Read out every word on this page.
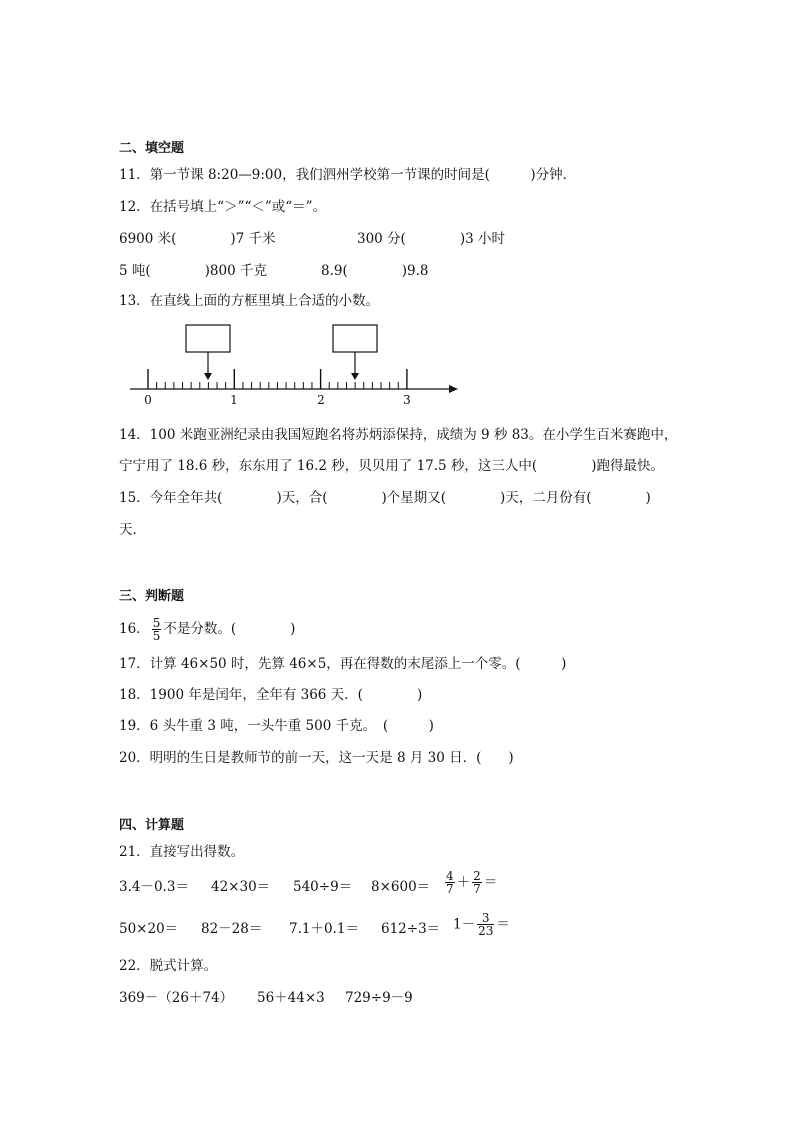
二、填空题
11．第一节课 8:20—9:00，我们泗州学校第一节课的时间是(　　　)分钟．
12．在括号填上“＞”“＜”或“＝”。
6900 米(　　　　)7 千米	300 分(　　　　)3 小时
5 吨(　　　　)800 千克	8.9(　　　　)9.8
13．在直线上面的方框里填上合适的小数。
0	1	2	3
14．100 米跑亚洲纪录由我国短跑名将苏炳添保持，成绩为 9 秒 83。在小学生百米赛跑中，
宁宁用了 18.6 秒，东东用了 16.2 秒，贝贝用了 17.5 秒，这三人中(　　　　)跑得最快。
15．今年全年共(　　　　)天，合(　　　　)个星期又(　　　　)天，二月份有(　　　　)
天．
三、判断题
16． $\frac{5}{5}$ 不是分数。(　　　　)
17．计算 46×50 时，先算 46×5，再在得数的末尾添上一个零。(　　　)
18．1900 年是闰年，全年有 366 天．(　　　　)
19．6 头牛重 3 吨，一头牛重 500 千克。　(　　　)
20．明明的生日是教师节的前一天，这一天是 8 月 30 日．(　　)
四、计算题
21．直接写出得数。
$3.4-0.3= 42\times 30= 540\div 9= 8\times 600= \frac{4}{7} + \frac{2}{7}$ ＝
$50\times 20= 82-28= 7.1+0.1= 612\div 3= 1- \frac{3}{23}$ ＝
22．脱式计算。
369－（26＋74） 56＋44×3 729÷9－9
